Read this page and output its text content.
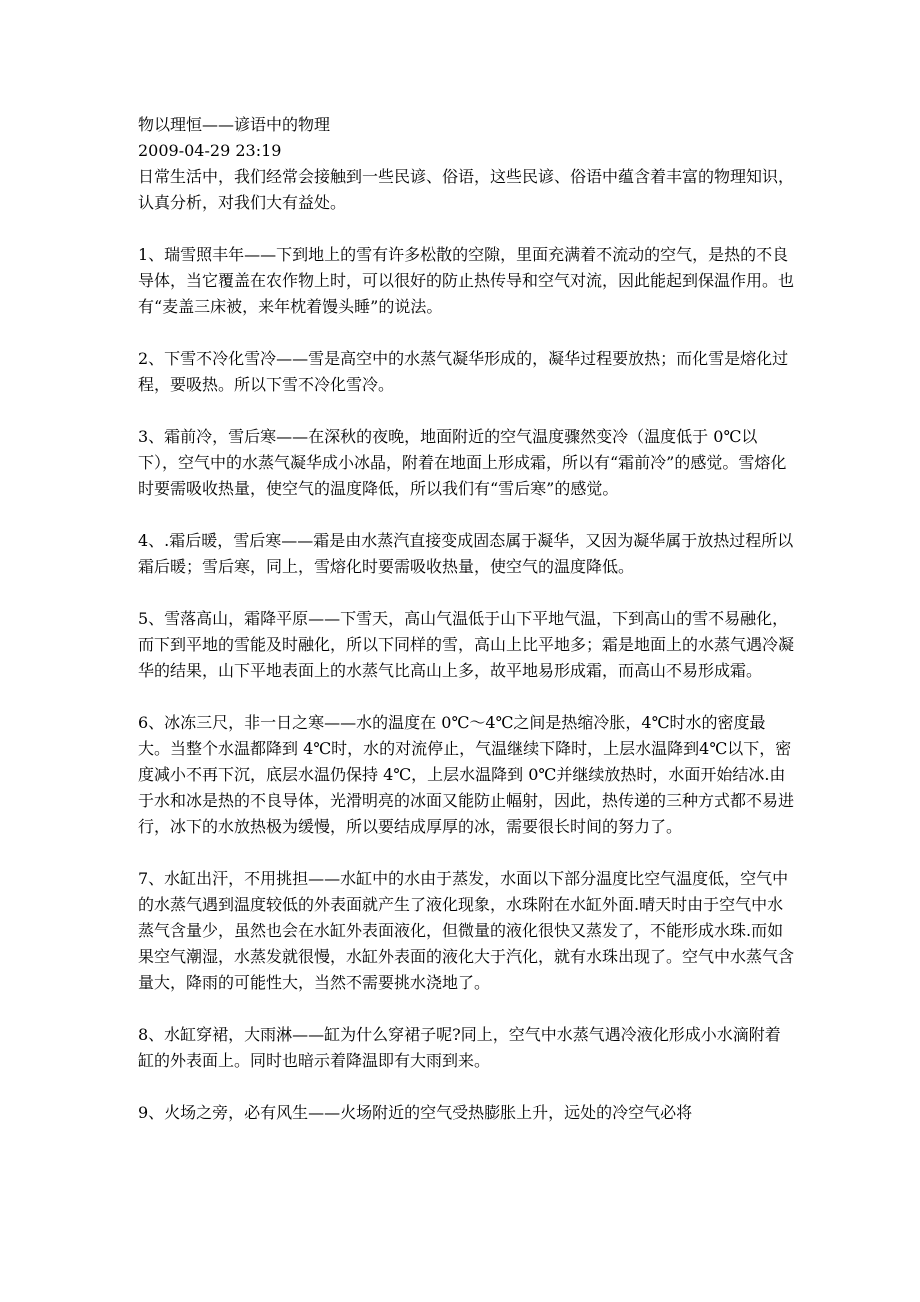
物以理恒——谚语中的物理

2009-04-29 23:19

日常生活中，我们经常会接触到一些民谚、俗语，这些民谚、俗语中蕴含着丰富的物理知识，认真分析，对我们大有益处。

1、瑞雪照丰年——下到地上的雪有许多松散的空隙，里面充满着不流动的空气，是热的不良导体，当它覆盖在农作物上时，可以很好的防止热传导和空气对流，因此能起到保温作用。也有“麦盖三床被，来年枕着馒头睡”的说法。

2、下雪不冷化雪冷——雪是高空中的水蒸气凝华形成的，凝华过程要放热；而化雪是熔化过程，要吸热。所以下雪不冷化雪冷。

3、霜前冷，雪后寒——在深秋的夜晚，地面附近的空气温度骤然变冷（温度低于 0℃以下），空气中的水蒸气凝华成小冰晶，附着在地面上形成霜，所以有“霜前冷”的感觉。雪熔化时要需吸收热量，使空气的温度降低，所以我们有“雪后寒”的感觉。

4、.霜后暖，雪后寒——霜是由水蒸汽直接变成固态属于凝华，又因为凝华属于放热过程所以霜后暖；雪后寒，同上，雪熔化时要需吸收热量，使空气的温度降低。

5、雪落高山，霜降平原——下雪天，高山气温低于山下平地气温，下到高山的雪不易融化，而下到平地的雪能及时融化，所以下同样的雪，高山上比平地多；霜是地面上的水蒸气遇冷凝华的结果，山下平地表面上的水蒸气比高山上多，故平地易形成霜，而高山不易形成霜。

6、冰冻三尺，非一日之寒——水的温度在 0℃～4℃之间是热缩冷胀，4℃时水的密度最大。当整个水温都降到 4℃时，水的对流停止，气温继续下降时，上层水温降到4℃以下，密度减小不再下沉，底层水温仍保持 4℃，上层水温降到 0℃并继续放热时，水面开始结冰.由于水和冰是热的不良导体，光滑明亮的冰面又能防止幅射，因此，热传递的三种方式都不易进行，冰下的水放热极为缓慢，所以要结成厚厚的冰，需要很长时间的努力了。

7、水缸出汗，不用挑担——水缸中的水由于蒸发，水面以下部分温度比空气温度低，空气中的水蒸气遇到温度较低的外表面就产生了液化现象，水珠附在水缸外面.晴天时由于空气中水蒸气含量少，虽然也会在水缸外表面液化，但微量的液化很快又蒸发了，不能形成水珠.而如果空气潮湿，水蒸发就很慢，水缸外表面的液化大于汽化，就有水珠出现了。空气中水蒸气含量大，降雨的可能性大，当然不需要挑水浇地了。

8、水缸穿裙，大雨淋——缸为什么穿裙子呢?同上，空气中水蒸气遇冷液化形成小水滴附着缸的外表面上。同时也暗示着降温即有大雨到来。

9、火场之旁，必有风生——火场附近的空气受热膨胀上升，远处的冷空气必将
